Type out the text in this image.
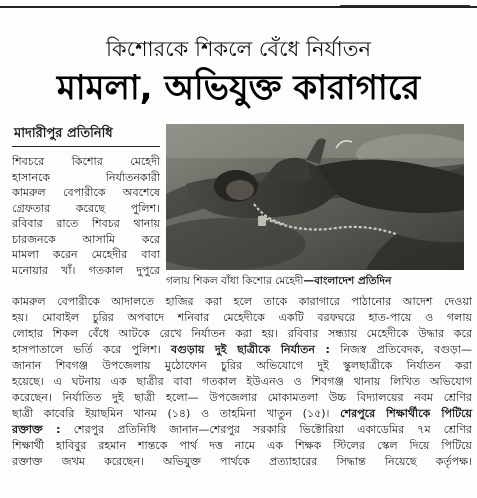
কিশোরকে শিকলে বেঁধে নির্যাতন
মামলা, অভিযুক্ত কারাগারে
মাদারীপুর প্রতিনিধি
গলায় শিকল বাঁধা কিশোর মেহেদী—বাংলাদেশ প্রতিদিন
শিবচরে কিশোর মেহেদী
হাসানকে নির্যাতনকারী
কামরুল বেপারীকে অবশেষে
গ্রেফতার করেছে পুলিশ।
রবিবার রাতে শিবচর থানায়
চারজনকে আসামি করে
মামলা করেন মেহেদীর বাবা
মনোয়ার খাঁ। গতকাল দুপুরে
কামরুল বেপারীকে আদালতে হাজির করা হলে তাকে কারাগারে পাঠানোর আদেশ দেওয়া
হয়। মোবাইল চুরির অপবাদে শনিবার মেহেদীকে একটি বরফঘরে হাত-পায়ে ও গলায়
লোহার শিকল বেঁধে আটকে রেখে নির্যাতন করা হয়। রবিবার সন্ধ্যায় মেহেদীকে উদ্ধার করে
হাসপাতালে ভর্তি করে পুলিশ। বগুড়ায় দুই ছাত্রীকে নির্যাতন : নিজস্ব প্রতিবেদক, বগুড়া—
জানান শিবগঞ্জ উপজেলায় মুঠোফোন চুরির অভিযোগে দুই স্কুলছাত্রীকে নির্যাতন করা
হয়েছে। এ ঘটনায় এক ছাত্রীর বাবা গতকাল ইউএনও ও শিবগঞ্জ থানায় লিখিত অভিযোগ
করেছেন। নির্যাতিত দুই ছাত্রী হলো— উপজেলার মোকামতলা উচ্চ বিদ্যালয়ের নবম শ্রেণির
ছাত্রী কাবেরি ইয়াছমিন খানম (১৪) ও তাহমিনা খাতুন (১৫)। শেরপুরে শিক্ষার্থীকে পিটিয়ে
রক্তাক্ত : শেরপুর প্রতিনিধি জানান—শেরপুর সরকারি ভিক্টোরিয়া একাডেমির ৭ম শ্রেণির
শিক্ষার্থী হাবিবুর রহমান শান্তকে পার্থ দত্ত নামে এক শিক্ষক স্টিলের স্কেল দিয়ে পিটিয়ে
রক্তাক্ত জখম করেছেন। অভিযুক্ত পার্থকে প্রত্যাহারের সিদ্ধান্ত নিয়েছে কর্তৃপক্ষ।
